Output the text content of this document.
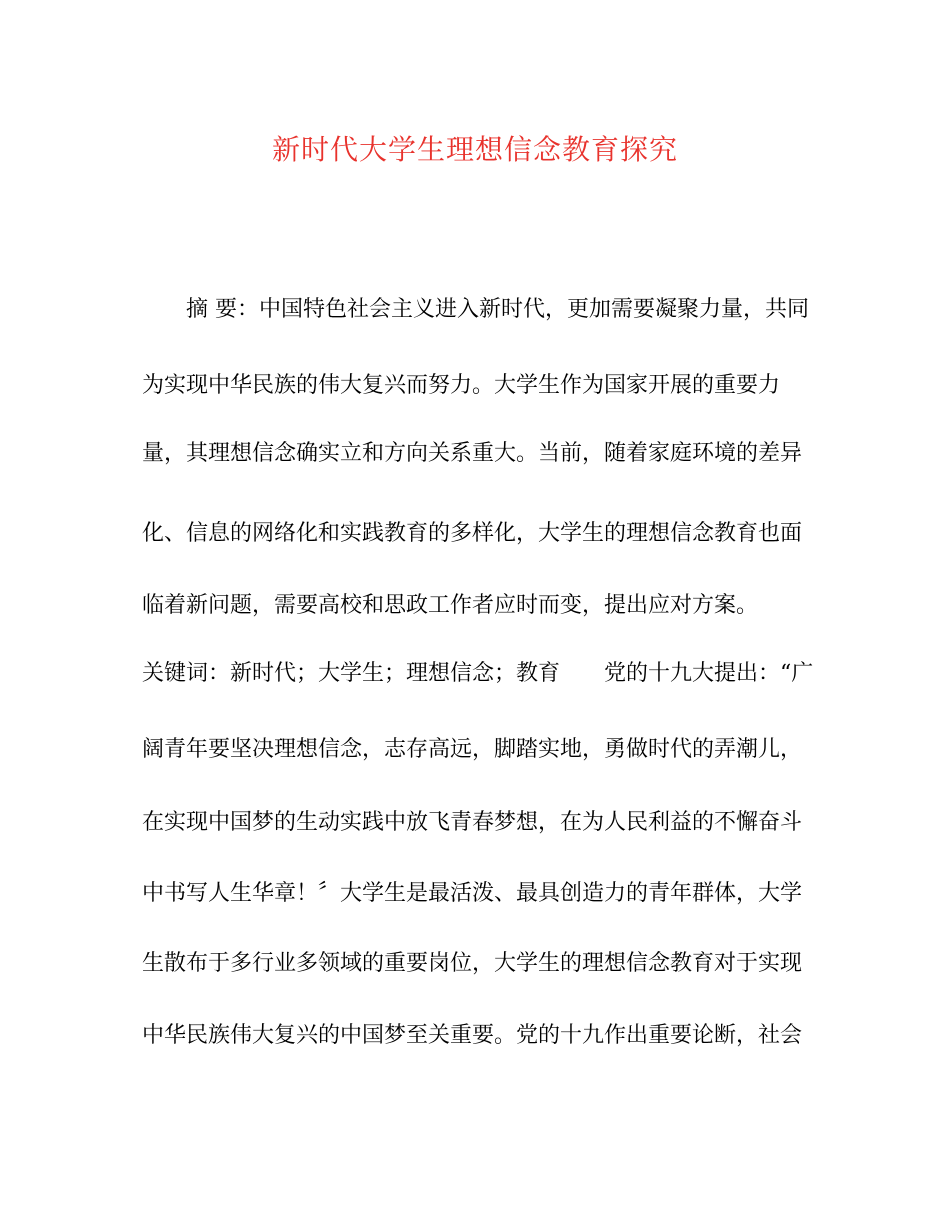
新时代大学生理想信念教育探究

摘 要：中国特色社会主义进入新时代，更加需要凝聚力量，共同

为实现中华民族的伟大复兴而努力。大学生作为国家开展的重要力

量，其理想信念确实立和方向关系重大。当前，随着家庭环境的差异

化、信息的网络化和实践教育的多样化，大学生的理想信念教育也面

临着新问题，需要高校和思政工作者应时而变，提出应对方案。

关键词：新时代；大学生；理想信念；教育 党的十九大提出：“广

阔青年要坚决理想信念，志存高远，脚踏实地，勇做时代的弄潮儿，

在实现中国梦的生动实践中放飞青春梦想，在为人民利益的不懈奋斗

中书写人生华章！〞大学生是最活泼、最具创造力的青年群体，大学

生散布于多行业多领域的重要岗位，大学生的理想信念教育对于实现

中华民族伟大复兴的中国梦至关重要。党的十九作出重要论断，社会
